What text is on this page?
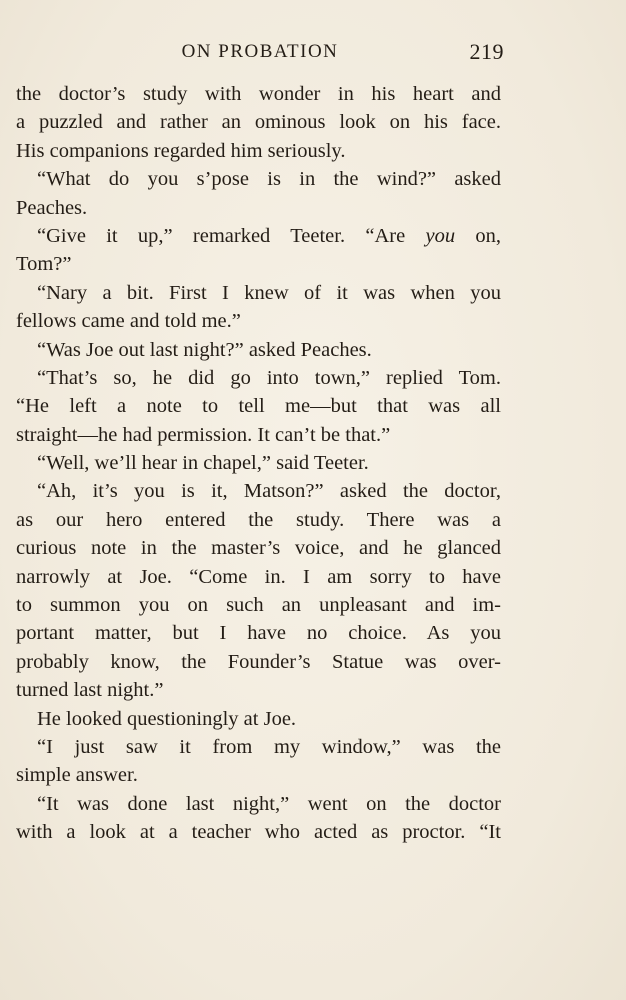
ON PROBATION	219
the doctor’s study with wonder in his heart and
a puzzled and rather an ominous look on his face.
His companions regarded him seriously.
“What do you s’pose is in the wind?” asked
Peaches.
“Give it up,” remarked Teeter. “Are you on,
Tom?”
“Nary a bit. First I knew of it was when you
fellows came and told me.”
“Was Joe out last night?” asked Peaches.
“That’s so, he did go into town,” replied Tom.
“He left a note to tell me—but that was all
straight—he had permission. It can’t be that.”
“Well, we’ll hear in chapel,” said Teeter.
“Ah, it’s you is it, Matson?” asked the doctor,
as our hero entered the study. There was a
curious note in the master’s voice, and he glanced
narrowly at Joe. “Come in. I am sorry to have
to summon you on such an unpleasant and im-
portant matter, but I have no choice. As you
probably know, the Founder’s Statue was over-
turned last night.”
He looked questioningly at Joe.
“I just saw it from my window,” was the
simple answer.
“It was done last night,” went on the doctor
with a look at a teacher who acted as proctor. “It
